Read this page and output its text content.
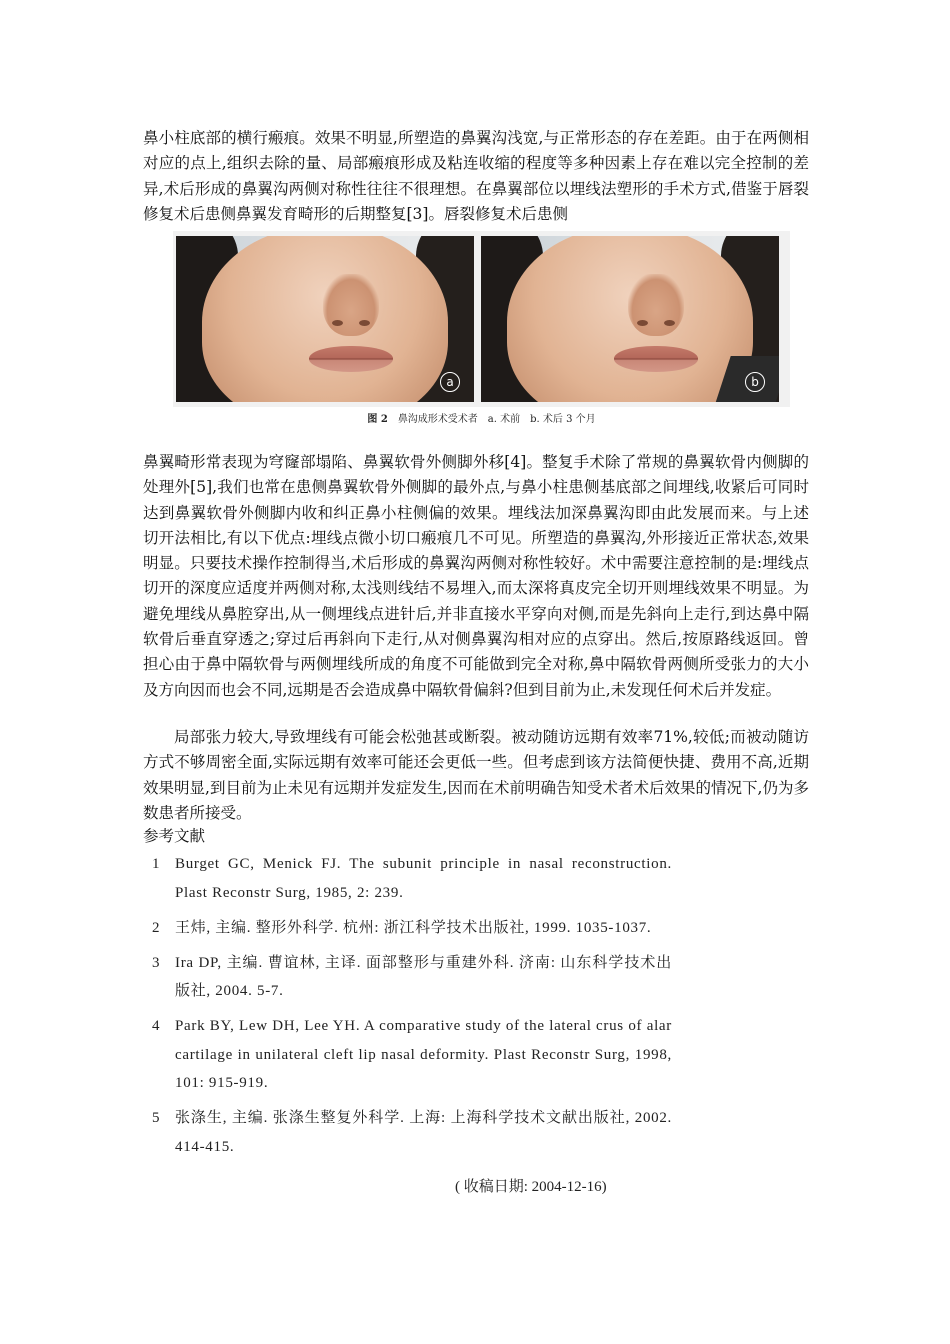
鼻小柱底部的横行瘢痕。效果不明显,所塑造的鼻翼沟浅宽,与正常形态的存在差距。由于在两侧相对应的点上,组织去除的量、局部瘢痕形成及粘连收缩的程度等多种因素上存在难以完全控制的差异,术后形成的鼻翼沟两侧对称性往往不很理想。在鼻翼部位以埋线法塑形的手术方式,借鉴于唇裂修复术后患侧鼻翼发育畸形的后期整复[3]。唇裂修复术后患侧

a	b
图 2 鼻沟成形术受术者　a. 术前　b. 术后 3 个月

鼻翼畸形常表现为穹窿部塌陷、鼻翼软骨外侧脚外移[4]。整复手术除了常规的鼻翼软骨内侧脚的处理外[5],我们也常在患侧鼻翼软骨外侧脚的最外点,与鼻小柱患侧基底部之间埋线,收紧后可同时达到鼻翼软骨外侧脚内收和纠正鼻小柱侧偏的效果。埋线法加深鼻翼沟即由此发展而来。与上述切开法相比,有以下优点:埋线点微小切口瘢痕几不可见。所塑造的鼻翼沟,外形接近正常状态,效果明显。只要技术操作控制得当,术后形成的鼻翼沟两侧对称性较好。术中需要注意控制的是:埋线点切开的深度应适度并两侧对称,太浅则线结不易埋入,而太深将真皮完全切开则埋线效果不明显。为避免埋线从鼻腔穿出,从一侧埋线点进针后,并非直接水平穿向对侧,而是先斜向上走行,到达鼻中隔软骨后垂直穿透之;穿过后再斜向下走行,从对侧鼻翼沟相对应的点穿出。然后,按原路线返回。曾担心由于鼻中隔软骨与两侧埋线所成的角度不可能做到完全对称,鼻中隔软骨两侧所受张力的大小及方向因而也会不同,远期是否会造成鼻中隔软骨偏斜?但到目前为止,未发现任何术后并发症。

局部张力较大,导致埋线有可能会松弛甚或断裂。被动随访远期有效率71%,较低;而被动随访方式不够周密全面,实际远期有效率可能还会更低一些。但考虑到该方法简便快捷、费用不高,近期效果明显,到目前为止未见有远期并发症发生,因而在术前明确告知受术者术后效果的情况下,仍为多数患者所接受。

参考文献
1 Burget GC, Menick FJ. The subunit principle in nasal reconstruction. Plast Reconstr Surg, 1985, 2: 239.
2 王炜, 主编. 整形外科学. 杭州: 浙江科学技术出版社, 1999. 1035-1037.
3 Ira DP, 主编. 曹谊林, 主译. 面部整形与重建外科. 济南: 山东科学技术出版社, 2004. 5-7.
4 Park BY, Lew DH, Lee YH. A comparative study of the lateral crus of alar cartilage in unilateral cleft lip nasal deformity. Plast Reconstr Surg, 1998, 101: 915-919.
5 张涤生, 主编. 张涤生整复外科学. 上海: 上海科学技术文献出版社, 2002. 414-415.
( 收稿日期: 2004-12-16)
